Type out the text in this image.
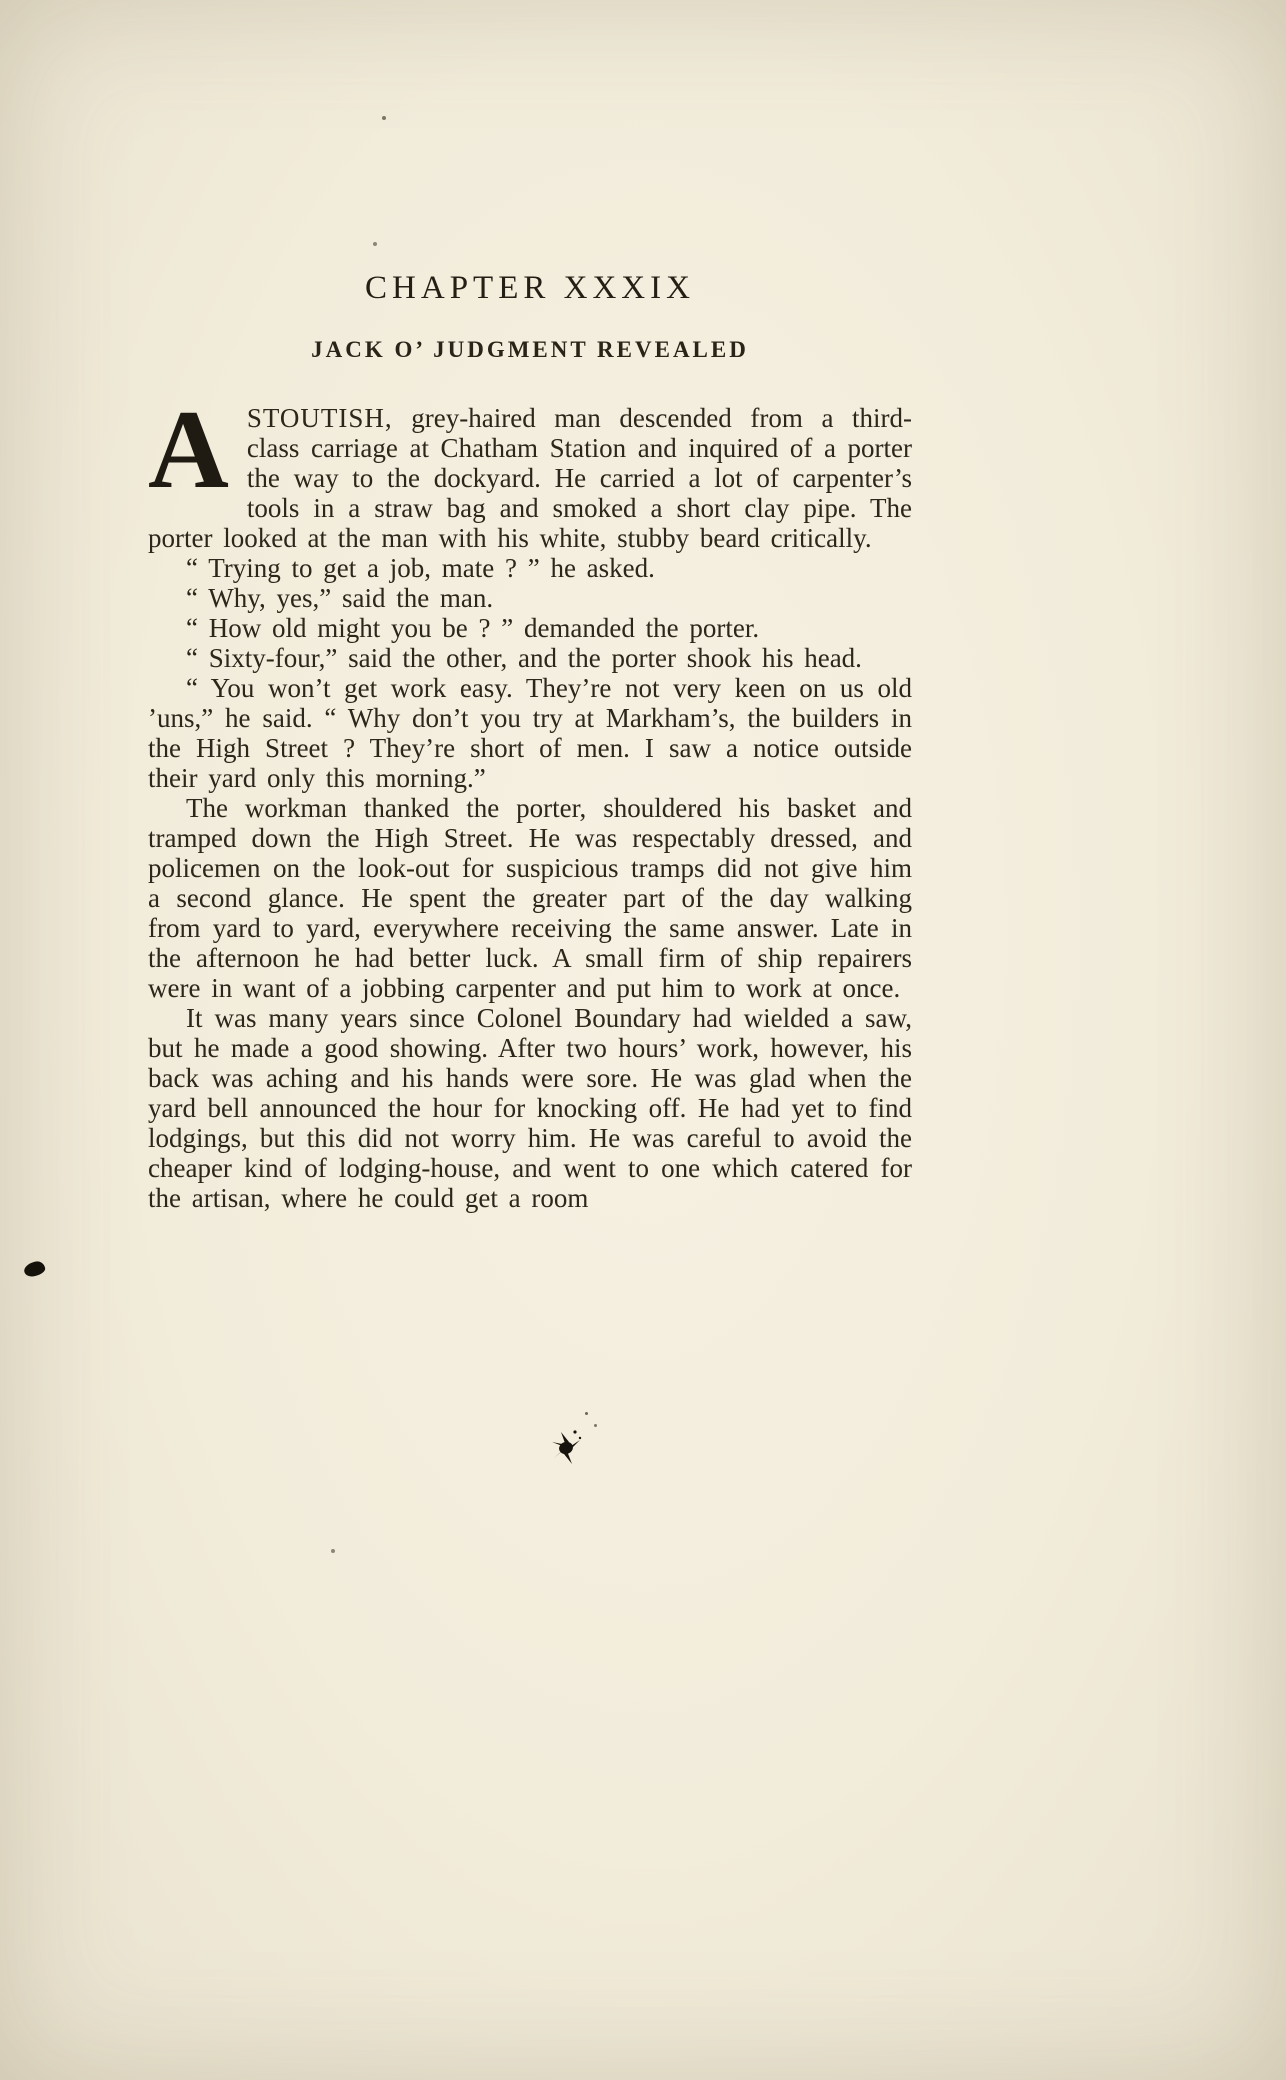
CHAPTER XXXIX
JACK O’ JUDGMENT REVEALED

A STOUTISH, grey-haired man descended from a third-class carriage at Chatham Station and inquired of a porter the way to the dockyard. He carried a lot of carpenter’s tools in a straw bag and smoked a short clay pipe. The porter looked at the man with his white, stubby beard critically.

“ Trying to get a job, mate ? ” he asked.

“ Why, yes,” said the man.

“ How old might you be ? ” demanded the porter.

“ Sixty-four,” said the other, and the porter shook his head.

“ You won’t get work easy. They’re not very keen on us old ’uns,” he said. “ Why don’t you try at Markham’s, the builders in the High Street ? They’re short of men. I saw a notice outside their yard only this morning.”

The workman thanked the porter, shouldered his basket and tramped down the High Street. He was respectably dressed, and policemen on the look-out for suspicious tramps did not give him a second glance. He spent the greater part of the day walking from yard to yard, everywhere receiving the same answer. Late in the afternoon he had better luck. A small firm of ship repairers were in want of a jobbing carpenter and put him to work at once.

It was many years since Colonel Boundary had wielded a saw, but he made a good showing. After two hours’ work, however, his back was aching and his hands were sore. He was glad when the yard bell announced the hour for knocking off. He had yet to find lodgings, but this did not worry him. He was careful to avoid the cheaper kind of lodging-house, and went to one which catered for the artisan, where he could get a room
